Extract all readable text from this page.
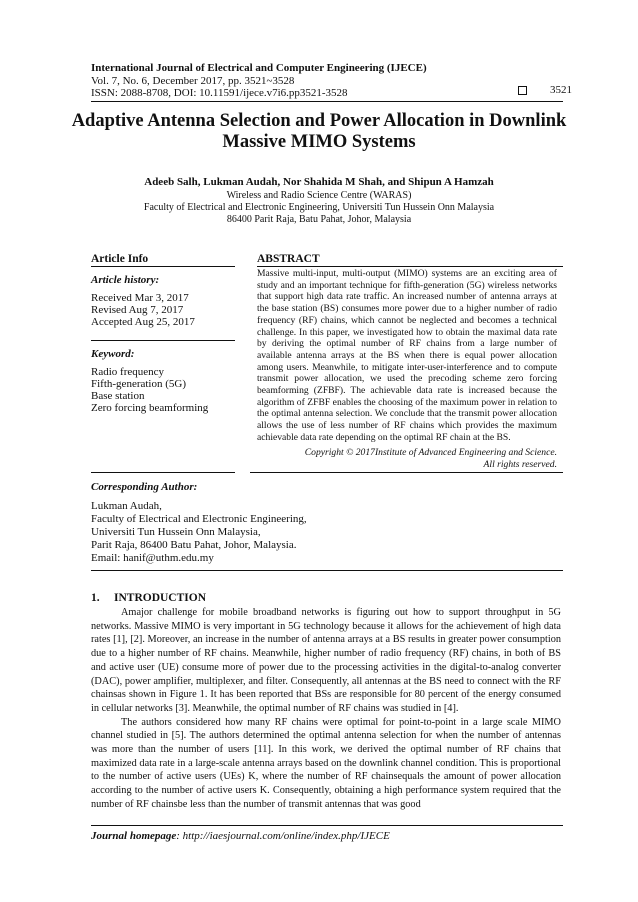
International Journal of Electrical and Computer Engineering (IJECE)
Vol. 7, No. 6, December 2017, pp. 3521~3528
ISSN: 2088-8708, DOI: 10.11591/ijece.v7i6.pp3521-3528	3521
Adaptive Antenna Selection and Power Allocation in Downlink
Massive MIMO Systems
Adeeb Salh, Lukman Audah, Nor Shahida M Shah, and Shipun A Hamzah
Wireless and Radio Science Centre (WARAS)
Faculty of Electrical and Electronic Engineering, Universiti Tun Hussein Onn Malaysia
86400 Parit Raja, Batu Pahat, Johor, Malaysia
Article Info
Article history:
Received Mar 3, 2017
Revised Aug 7, 2017
Accepted Aug 25, 2017
Keyword:
Radio frequency
Fifth-generation (5G)
Base station
Zero forcing beamforming
ABSTRACT
Massive multi-input, multi-output (MIMO) systems are an exciting area of study and an important technique for fifth-generation (5G) wireless networks that support high data rate traffic. An increased number of antenna arrays at the base station (BS) consumes more power due to a higher number of radio frequency (RF) chains, which cannot be neglected and becomes a technical challenge. In this paper, we investigated how to obtain the maximal data rate by deriving the optimal number of RF chains from a large number of available antenna arrays at the BS when there is equal power allocation among users. Meanwhile, to mitigate inter-user-interference and to compute transmit power allocation, we used the precoding scheme zero forcing beamforming (ZFBF). The achievable data rate is increased because the algorithm of ZFBF enables the choosing of the maximum power in relation to the optimal antenna selection. We conclude that the transmit power allocation allows the use of less number of RF chains which provides the maximum achievable data rate depending on the optimal RF chain at the BS.
Copyright © 2017Institute of Advanced Engineering and Science.
All rights reserved.
Corresponding Author:
Lukman Audah,
Faculty of Electrical and Electronic Engineering,
Universiti Tun Hussein Onn Malaysia,
Parit Raja, 86400 Batu Pahat, Johor, Malaysia.
Email: hanif@uthm.edu.my
1.     INTRODUCTION

Amajor challenge for mobile broadband networks is figuring out how to support throughput in 5G networks. Massive MIMO is very important in 5G technology because it allows for the achievement of high data rates [1], [2]. Moreover, an increase in the number of antenna arrays at a BS results in greater power consumption due to a higher number of RF chains. Meanwhile, higher number of radio frequency (RF) chains, in both of BS and active user (UE) consume more of power due to the processing activities in the digital-to-analog converter (DAC), power amplifier, multiplexer, and filter. Consequently, all antennas at the BS need to connect with the RF chainsas shown in Figure 1. It has been reported that BSs are responsible for 80 percent of the energy consumed in cellular networks [3]. Meanwhile, the optimal number of RF chains was studied in [4].

The authors considered how many RF chains were optimal for point-to-point in a large scale MIMO channel studied in [5]. The authors determined the optimal antenna selection for when the number of antennas was more than the number of users [11]. In this work, we derived the optimal number of RF chains that maximized data rate in a large-scale antenna arrays based on the downlink channel condition. This is proportional to the number of active users (UEs) K, where the number of RF chainsequals the amount of power allocation according to the number of active users K. Consequently, obtaining a high performance system required that the number of RF chainsbe less than the number of transmit antennas that was good

Journal homepage: http://iaesjournal.com/online/index.php/IJECE
